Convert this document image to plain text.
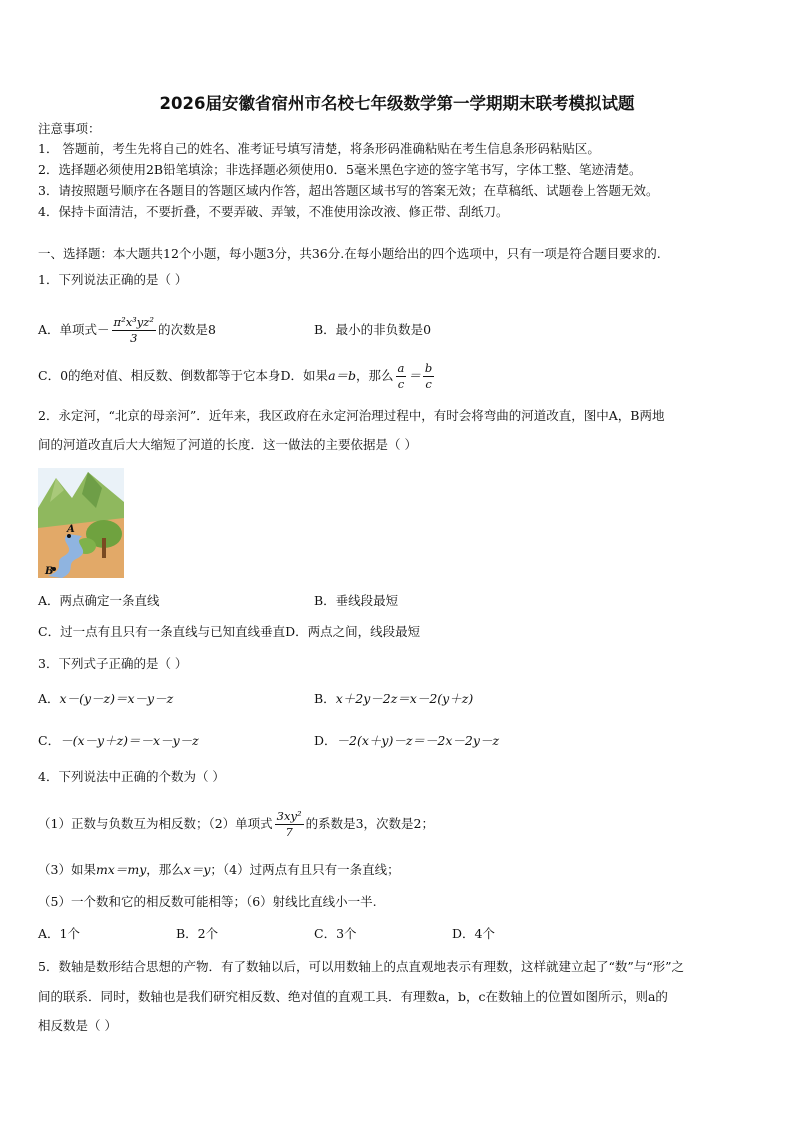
2026届安徽省宿州市名校七年级数学第一学期期末联考模拟试题
注意事项：
1． 答题前，考生先将自己的姓名、准考证号填写清楚，将条形码准确粘贴在考生信息条形码粘贴区。
2．选择题必须使用2B铅笔填涂；非选择题必须使用0．5毫米黑色字迹的签字笔书写，字体工整、笔迹清楚。
3．请按照题号顺序在各题目的答题区域内作答，超出答题区域书写的答案无效；在草稿纸、试题卷上答题无效。
4．保持卡面清洁，不要折叠，不要弄破、弄皱，不准使用涂改液、修正带、刮纸刀。
一、选择题：本大题共12个小题，每小题3分，共36分.在每小题给出的四个选项中，只有一项是符合题目要求的.
1．下列说法正确的是（ ）
A．单项式－ $\frac{\text{π²x³yz²}}{3}$ 的次数是8	B．最小的非负数是0
C．0的绝对值、相反数、倒数都等于它本身D．如果a＝b，那么 $\frac{a}{c} = \frac{b}{c}$
2．永定河，“北京的母亲河”．近年来，我区政府在永定河治理过程中，有时会将弯曲的河道改直，图中A，B两地
间的河道改直后大大缩短了河道的长度．这一做法的主要依据是（ ）
A
B
A．两点确定一条直线	B．垂线段最短
C．过一点有且只有一条直线与已知直线垂直D．两点之间，线段最短
3．下列式子正确的是（ ）
A．x－(y－z)＝x－y－z	B．x＋2y－2z＝x－2(y＋z)
C．－(x－y＋z)＝－x－y－z	D．－2(x＋y)－z＝－2x－2y－z
4．下列说法中正确的个数为（ ）
（1）正数与负数互为相反数；（2）单项式 $\frac{\text{3xy²}}{7}$ 的系数是3，次数是2；
（3）如果mx＝my，那么x＝y；（4）过两点有且只有一条直线；
（5）一个数和它的相反数可能相等；（6）射线比直线小一半.
A．1个	B．2个	C．3个	D．4个
5．数轴是数形结合思想的产物．有了数轴以后，可以用数轴上的点直观地表示有理数，这样就建立起了“数”与“形”之
间的联系．同时，数轴也是我们研究相反数、绝对值的直观工具．有理数a，b，c在数轴上的位置如图所示，则a的
相反数是（ ）
